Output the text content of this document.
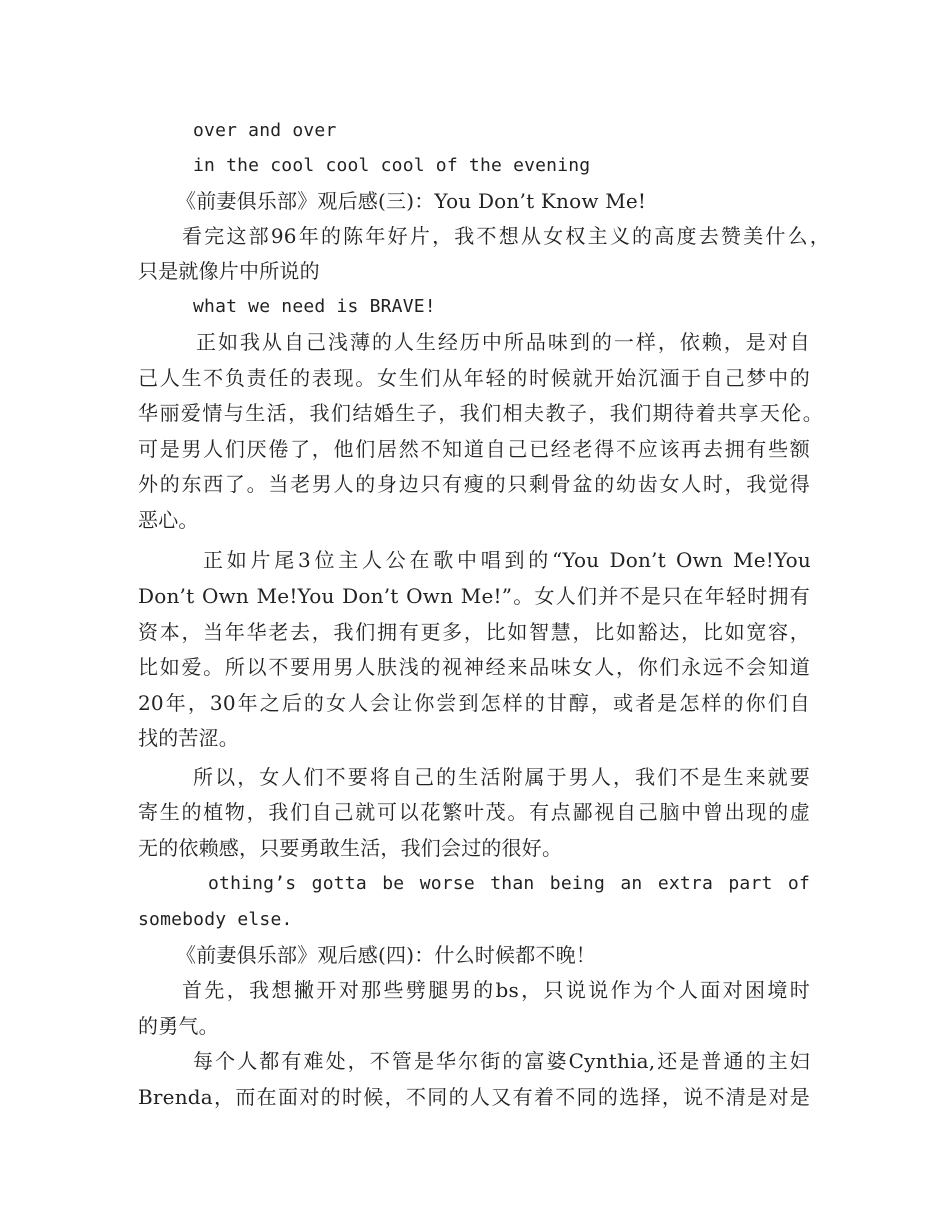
over and over
in the cool cool cool of the evening
《前妻俱乐部》观后感(三)：You Don’t Know Me!
看完这部96年的陈年好片，我不想从女权主义的高度去赞美什么，
只是就像片中所说的
what we need is BRAVE!
正如我从自己浅薄的人生经历中所品味到的一样，依赖，是对自
己人生不负责任的表现。女生们从年轻的时候就开始沉湎于自己梦中的
华丽爱情与生活，我们结婚生子，我们相夫教子，我们期待着共享天伦。
可是男人们厌倦了，他们居然不知道自己已经老得不应该再去拥有些额
外的东西了。当老男人的身边只有瘦的只剩骨盆的幼齿女人时，我觉得
恶心。
正如片尾3位主人公在歌中唱到的“You Don’t Own Me!You
Don’t Own Me!You Don’t Own Me!”。女人们并不是只在年轻时拥有
资本，当年华老去，我们拥有更多，比如智慧，比如豁达，比如宽容，
比如爱。所以不要用男人肤浅的视神经来品味女人，你们永远不会知道
20年，30年之后的女人会让你尝到怎样的甘醇，或者是怎样的你们自
找的苦涩。
所以，女人们不要将自己的生活附属于男人，我们不是生来就要
寄生的植物，我们自己就可以花繁叶茂。有点鄙视自己脑中曾出现的虚
无的依赖感，只要勇敢生活，我们会过的很好。
othing’s gotta be worse than being an extra part of
somebody else.
《前妻俱乐部》观后感(四)：什么时候都不晚！
首先，我想撇开对那些劈腿男的bs，只说说作为个人面对困境时
的勇气。
每个人都有难处，不管是华尔街的富婆Cynthia,还是普通的主妇
Brenda，而在面对的时候，不同的人又有着不同的选择，说不清是对是
